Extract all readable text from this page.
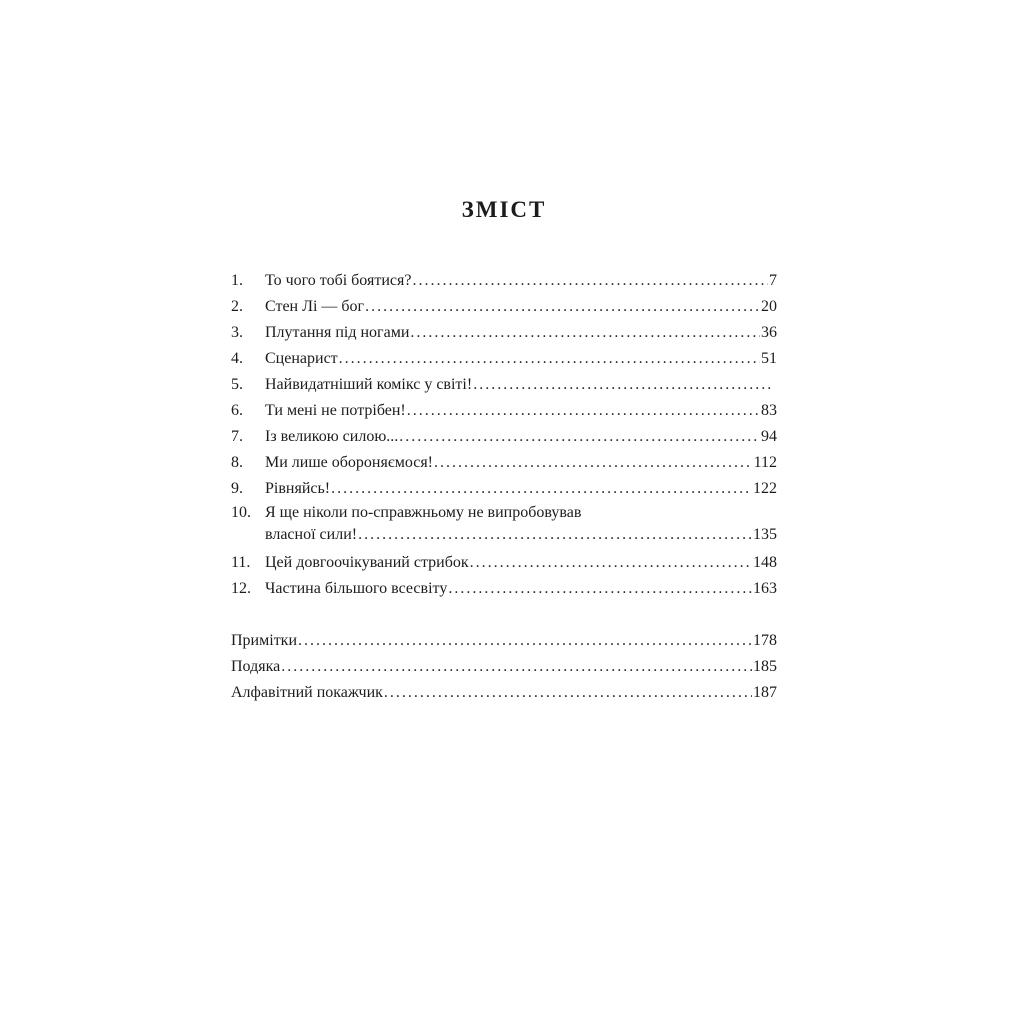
ЗМІСТ
1.	То чого тобі боятися? . . .	7
2.	Стен Лі — бог . . .	20
3.	Плутання під ногами . . .	36
4.	Сценарист . . .	51
5.	Найвидатніший комікс у світі!
. . .
6.	Ти мені не потрібен! . . .	83
7.	Із великою силою... . . .	94
8.	Ми лише обороняємося! . . .	112
9.	Рівняйсь! . . .	122
10. Я ще ніколи по-справжньому не випробовував
власної сили! . . .	135
11. Цей довгоочікуваний стрибок . . .	148
12. Частина більшого всесвіту . . .	163
Примітки . . .	178
Подяка . . .	185
Алфавітний покажчик . . .	187
